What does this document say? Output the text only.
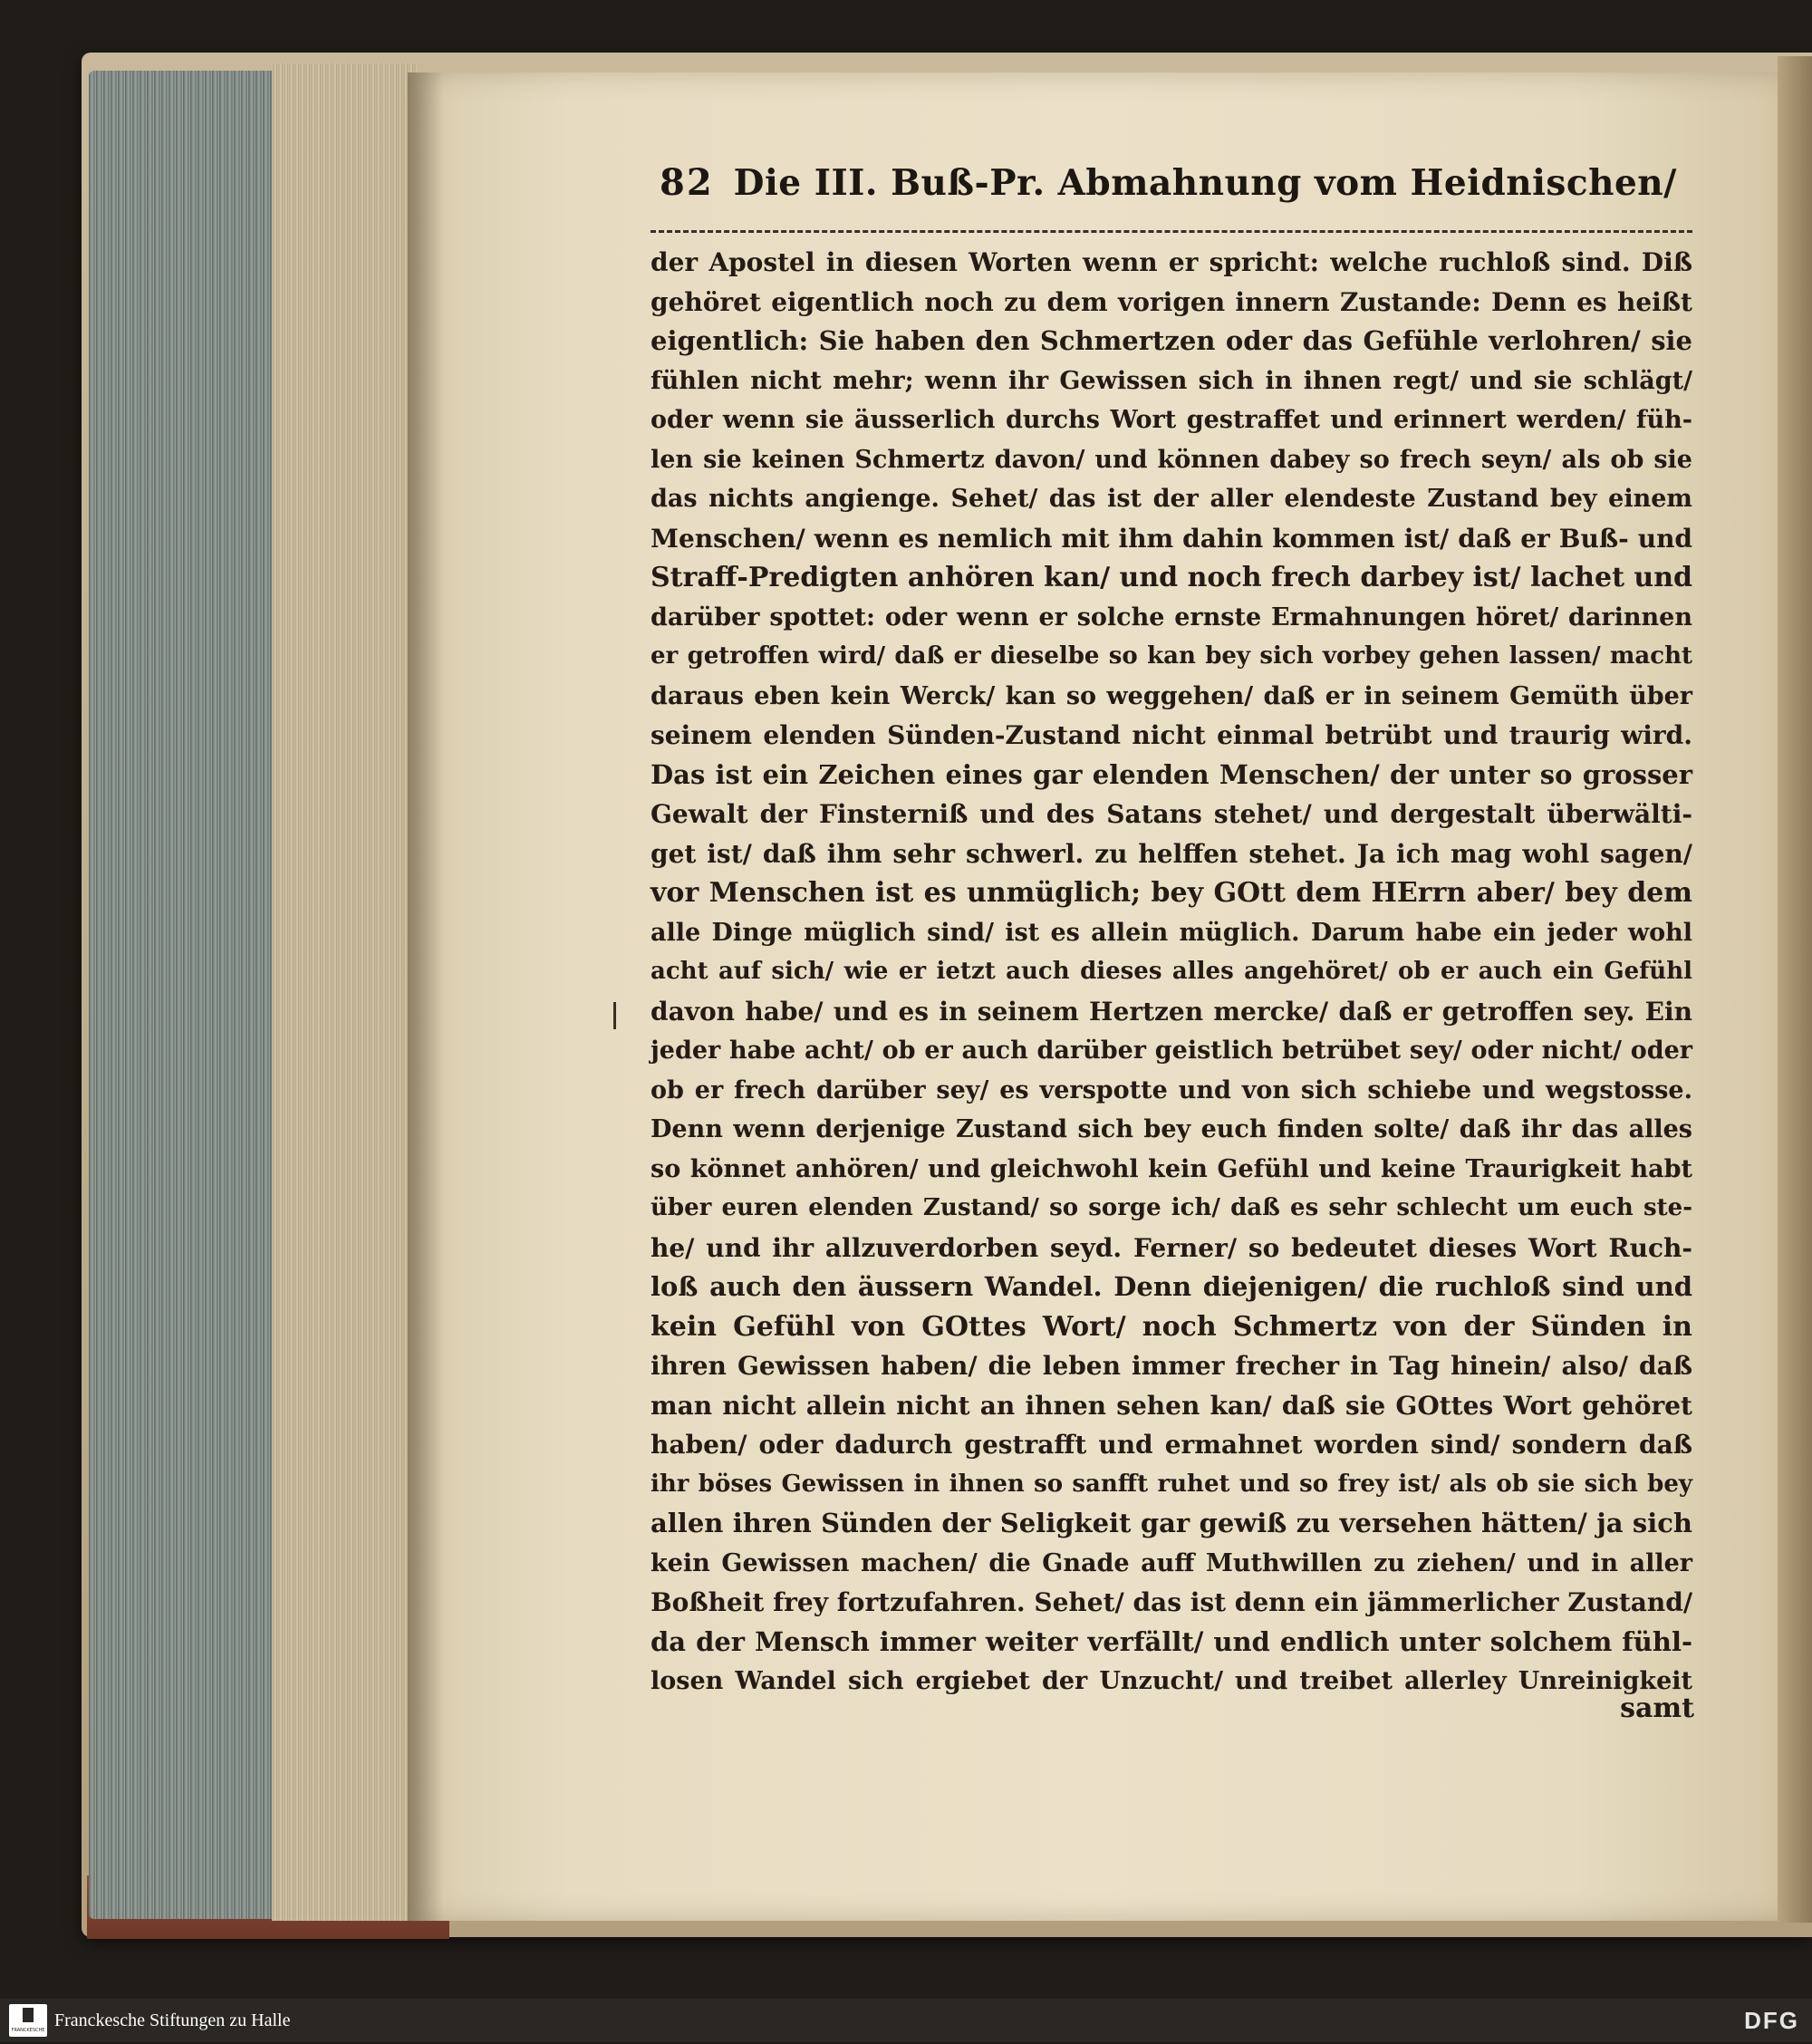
82 Die III. Buß-Pr. Abmahnung vom Heidnischen/
der Apostel in diesen Worten wenn er spricht: welche ruchloß sind. Diß
gehöret eigentlich noch zu dem vorigen innern Zustande: Denn es heißt
eigentlich: Sie haben den Schmertzen oder das Gefühle verlohren/ sie
fühlen nicht mehr; wenn ihr Gewissen sich in ihnen regt/ und sie schlägt/
oder wenn sie äusserlich durchs Wort gestraffet und erinnert werden/ füh-
len sie keinen Schmertz davon/ und können dabey so frech seyn/ als ob sie
das nichts angienge. Sehet/ das ist der aller elendeste Zustand bey einem
Menschen/ wenn es nemlich mit ihm dahin kommen ist/ daß er Buß- und
Straff-Predigten anhören kan/ und noch frech darbey ist/ lachet und
darüber spottet: oder wenn er solche ernste Ermahnungen höret/ darinnen
er getroffen wird/ daß er dieselbe so kan bey sich vorbey gehen lassen/ macht
daraus eben kein Werck/ kan so weggehen/ daß er in seinem Gemüth über
seinem elenden Sünden-Zustand nicht einmal betrübt und traurig wird.
Das ist ein Zeichen eines gar elenden Menschen/ der unter so grosser
Gewalt der Finsterniß und des Satans stehet/ und dergestalt überwälti-
get ist/ daß ihm sehr schwerl. zu helffen stehet. Ja ich mag wohl sagen/
vor Menschen ist es unmüglich; bey GOtt dem HErrn aber/ bey dem
alle Dinge müglich sind/ ist es allein müglich. Darum habe ein jeder wohl
acht auf sich/ wie er ietzt auch dieses alles angehöret/ ob er auch ein Gefühl
davon habe/ und es in seinem Hertzen mercke/ daß er getroffen sey. Ein
jeder habe acht/ ob er auch darüber geistlich betrübet sey/ oder nicht/ oder
ob er frech darüber sey/ es verspotte und von sich schiebe und wegstosse.
Denn wenn derjenige Zustand sich bey euch finden solte/ daß ihr das alles
so könnet anhören/ und gleichwohl kein Gefühl und keine Traurigkeit habt
über euren elenden Zustand/ so sorge ich/ daß es sehr schlecht um euch ste-
he/ und ihr allzuverdorben seyd. Ferner/ so bedeutet dieses Wort Ruch-
loß auch den äussern Wandel. Denn diejenigen/ die ruchloß sind und
kein Gefühl von GOttes Wort/ noch Schmertz von der Sünden in
ihren Gewissen haben/ die leben immer frecher in Tag hinein/ also/ daß
man nicht allein nicht an ihnen sehen kan/ daß sie GOttes Wort gehöret
haben/ oder dadurch gestrafft und ermahnet worden sind/ sondern daß
ihr böses Gewissen in ihnen so sanfft ruhet und so frey ist/ als ob sie sich bey
allen ihren Sünden der Seligkeit gar gewiß zu versehen hätten/ ja sich
kein Gewissen machen/ die Gnade auff Muthwillen zu ziehen/ und in aller
Boßheit frey fortzufahren. Sehet/ das ist denn ein jämmerlicher Zustand/
da der Mensch immer weiter verfällt/ und endlich unter solchem fühl-
losen Wandel sich ergiebet der Unzucht/ und treibet allerley Unreinigkeit
samt
FRANCKESCHE STIFTUNGEN
Franckesche Stiftungen zu Halle	DFG
